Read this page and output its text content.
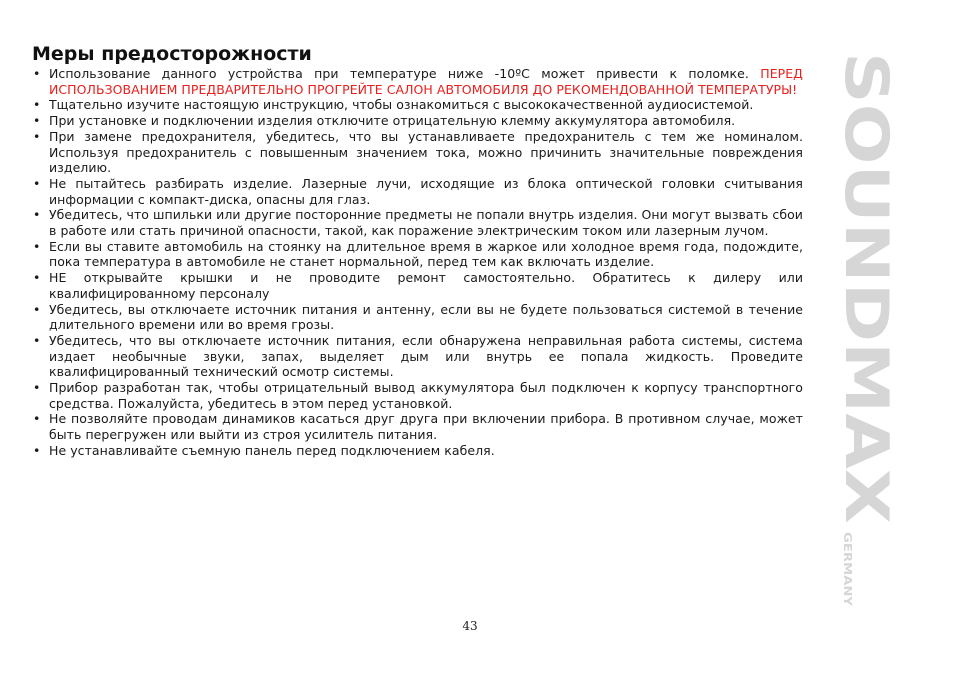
Меры предосторожности
• Использование данного устройства при температуре ниже -10ºС может привести к поломке. ПЕРЕД ИСПОЛЬЗОВАНИЕМ ПРЕДВАРИТЕЛЬНО ПРОГРЕЙТЕ САЛОН АВТОМОБИЛЯ ДО РЕКОМЕНДОВАННОЙ ТЕМПЕРАТУРЫ!
• Тщательно изучите настоящую инструкцию, чтобы ознакомиться с высококачественной аудиосистемой.
• При установке и подключении изделия отключите отрицательную клемму аккумулятора автомобиля.
• При замене предохранителя, убедитесь, что вы устанавливаете предохранитель с тем же номиналом. Используя предохранитель с повышенным значением тока, можно причинить значительные повреждения изделию.
• Не пытайтесь разбирать изделие. Лазерные лучи, исходящие из блока оптической головки считывания информации с компакт-диска, опасны для глаз.
• Убедитесь, что шпильки или другие посторонние предметы не попали внутрь изделия. Они могут вызвать сбои в работе или стать причиной опасности, такой, как поражение электрическим током или лазерным лучом.
• Если вы ставите автомобиль на стоянку на длительное время в жаркое или холодное время года, подождите, пока температура в автомобиле не станет нормальной, перед тем как включать изделие.
• НЕ открывайте крышки и не проводите ремонт самостоятельно. Обратитесь к дилеру или квалифицированному персоналу
• Убедитесь, вы отключаете источник питания и антенну, если вы не будете пользоваться системой в течение длительного времени или во время грозы.
• Убедитесь, что вы отключаете источник питания, если обнаружена неправильная работа системы, система издает необычные звуки, запах, выделяет дым или внутрь ее попала жидкость. Проведите квалифицированный технический осмотр системы.
• Прибор разработан так, чтобы отрицательный вывод аккумулятора был подключен к корпусу транспортного средства. Пожалуйста, убедитесь в этом перед установкой.
• Не позволяйте проводам динамиков касаться друг друга при включении прибора. В противном случае, может быть перегружен или выйти из строя усилитель питания.
• Не устанавливайте съемную панель перед подключением кабеля.
SOUNDMAX
GERMANY
43
